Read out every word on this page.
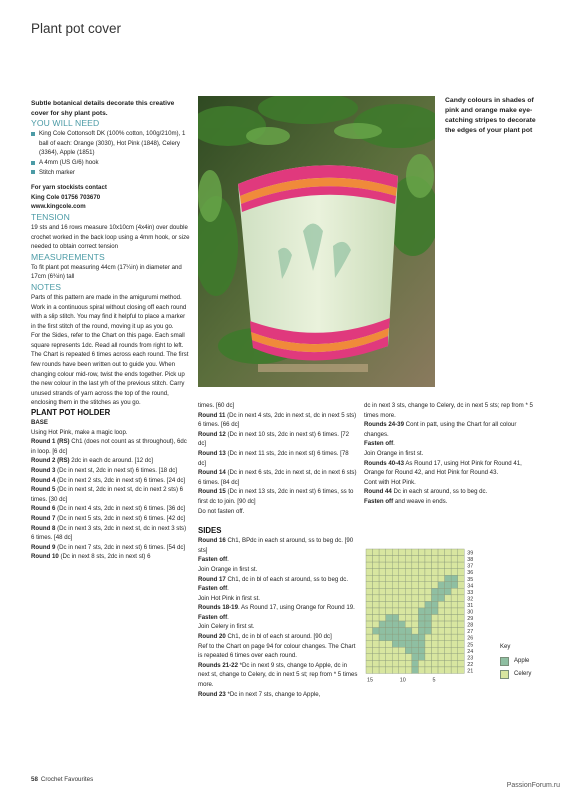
Plant pot cover

Subtle botanical details decorate this creative cover for shy plant pots.

YOU WILL NEED

King Cole Cottonsoft DK (100% cotton, 100g/210m), 1 ball of each: Orange (3030), Hot Pink (1848), Celery (3364), Apple (1851)
A 4mm (US G/6) hook
Stitch marker

For yarn stockists contact

King Cole 01756 703670

www.kingcole.com

TENSION

19 sts and 16 rows measure 10x10cm (4x4in) over double crochet worked in the back loop using a 4mm hook, or size needed to obtain correct tension

MEASUREMENTS

To fit plant pot measuring 44cm (17¼in) in diameter and 17cm (6¾in) tall

NOTES

Parts of this pattern are made in the amigurumi method. Work in a continuous spiral without closing off each round with a slip stitch. You may find it helpful to place a marker in the first stitch of the round, moving it up as you go.

For the Sides, refer to the Chart on this page. Each small square represents 1dc. Read all rounds from right to left. The Chart is repeated 6 times across each round. The first few rounds have been written out to guide you. When changing colour mid-row, twist the ends together. Pick up the new colour in the last yrh of the previous stitch. Carry unused strands of yarn across the top of the round, enclosing them in the stitches as you go.

PLANT POT HOLDER

BASE

Using Hot Pink, make a magic loop.

Round 1 (RS) Ch1 (does not count as st throughout), 6dc in loop. [6 dc]

Round 2 (RS) 2dc in each dc around. [12 dc]

Round 3 (Dc in next st, 2dc in next st) 6 times. [18 dc]

Round 4 (Dc in next 2 sts, 2dc in next st) 6 times. [24 dc]

Round 5 (Dc in next st, 2dc in next st, dc in next 2 sts) 6 times. [30 dc]

Round 6 (Dc in next 4 sts, 2dc in next st) 6 times. [36 dc]

Round 7 (Dc in next 5 sts, 2dc in next st) 6 times. [42 dc]

Round 8 (Dc in next 3 sts, 2dc in next st, dc in next 3 sts) 6 times. [48 dc]

Round 9 (Dc in next 7 sts, 2dc in next st) 6 times. [54 dc]

Round 10 (Dc in next 8 sts, 2dc in next st) 6

Candy colours in shades of pink and orange make eye-catching stripes to decorate the edges of your plant pot

times. [60 dc]

Round 11 (Dc in next 4 sts, 2dc in next st, dc in next 5 sts) 6 times. [66 dc]

Round 12 (Dc in next 10 sts, 2dc in next st) 6 times. [72 dc]

Round 13 (Dc in next 11 sts, 2dc in next st) 6 times. [78 dc]

Round 14 (Dc in next 6 sts, 2dc in next st, dc in next 6 sts) 6 times. [84 dc]

Round 15 (Dc in next 13 sts, 2dc in next st) 6 times, ss to first dc to join. [90 dc]

Do not fasten off.

SIDES

Round 16 Ch1, BPdc in each st around, ss to beg dc. [90 sts]

Fasten off.

Join Orange in first st.

Round 17 Ch1, dc in bl of each st around, ss to beg dc.

Fasten off.

Join Hot Pink in first st.

Rounds 18-19. As Round 17, using Orange for Round 19.

Fasten off.

Join Celery in first st.

Round 20 Ch1, dc in bl of each st around. [90 dc]

Ref to the Chart on page 94 for colour changes. The Chart is repeated 6 times over each round.

Rounds 21-22 *Dc in next 9 sts, change to Apple, dc in next st, change to Celery, dc in next 5 st; rep from * 5 times more.

Round 23 *Dc in next 7 sts, change to Apple,

dc in next 3 sts, change to Celery, dc in next 5 sts; rep from * 5 times more.

Rounds 24-39 Cont in patt, using the Chart for all colour changes.

Fasten off.

Join Orange in first st.

Rounds 40-43 As Round 17, using Hot Pink for Round 41, Orange for Round 42, and Hot Pink for Round 43.

Cont with Hot Pink.

Round 44 Dc in each st around, ss to beg dc.

Fasten off and weave in ends.

39
38
37
36
35
34
33
32
31
30
29
28
27
26
25
24
23
22
21
15	10	5
Key
Apple
Celery
58 Crochet Favourites
PassionForum.ru
